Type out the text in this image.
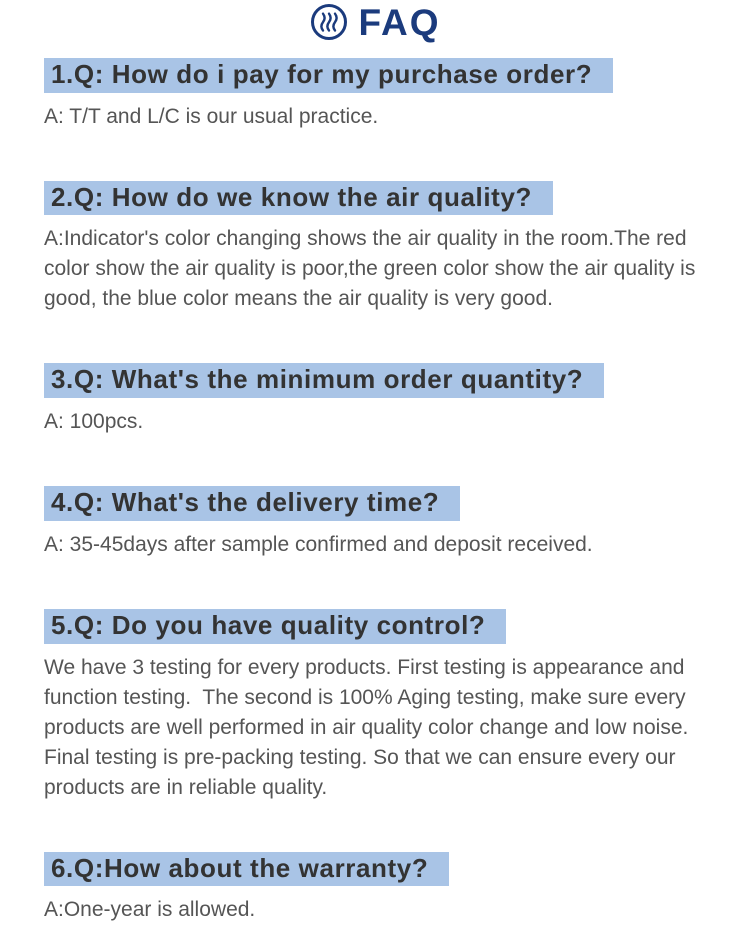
FAQ
1.Q: How do i pay for my purchase order?

A: T/T and L/C is our usual practice.

2.Q: How do we know the air quality?

A:Indicator's color changing shows the air quality in the room.The red color show the air quality is poor,the green color show the air quality is good, the blue color means the air quality is very good.

3.Q: What's the minimum order quantity?

A: 100pcs.

4.Q: What's the delivery time?

A: 35-45days after sample confirmed and deposit received.

5.Q: Do you have quality control?

We have 3 testing for every products. First testing is appearance and function testing.  The second is 100% Aging testing, make sure every products are well performed in air quality color change and low noise. Final testing is pre-packing testing. So that we can ensure every our products are in reliable quality.

6.Q:How about the warranty?

A:One-year is allowed.
